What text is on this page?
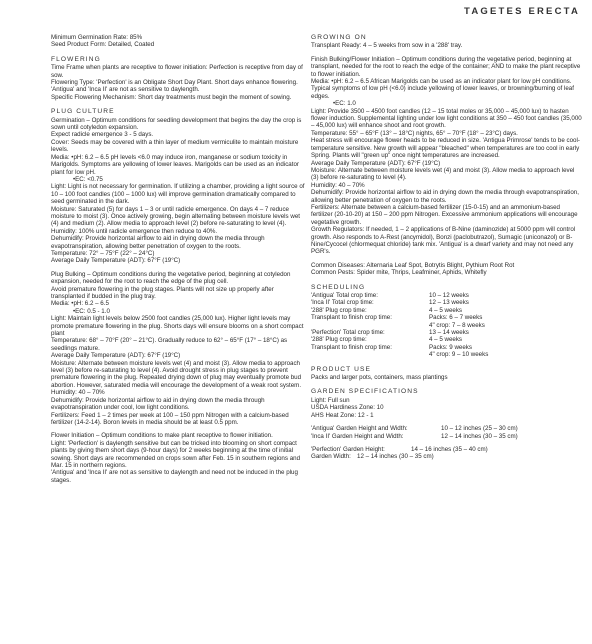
TAGETES ERECTA

Minimum Germination Rate: 85%

Seed Product Form: Detailed, Coated

FLOWERING

Time Frame when plants are receptive to flower initiation: Perfection is receptive from day of sow.

Flowering Type: 'Perfection' is an Obligate Short Day Plant. Short days enhance flowering. 'Antigua' and 'Inca II' are not as sensitive to daylength.

Specific Flowering Mechanism: Short day treatments must begin the moment of sowing.

PLUG CULTURE

Germination – Optimum conditions for seedling development that begins the day the crop is sown until cotyledon expansion.

Expect radicle emergence 3 - 5 days.

Cover: Seeds may be covered with a thin layer of medium vermiculite to maintain moisture levels.

Media: •pH: 6.2 – 6.5 pH levels <6.0 may induce iron, manganese or sodium toxicity in Marigolds. Symptoms are yellowing of lower leaves. Marigolds can be used as an indicator plant for low pH.

•EC: <0.75

Light: Light is not necessary for germination. If utilizing a chamber, providing a light source of 10 – 100 foot candles (100 – 1000 lux) will improve germination dramatically compared to seed germinated in the dark.

Moisture: Saturated (5) for days 1 – 3 or until radicle emergence. On days 4 – 7 reduce moisture to moist (3). Once actively growing, begin alternating between moisture levels wet (4) and medium (2). Allow media to approach level (2) before re-saturating to level (4).

Humidity: 100% until radicle emergence then reduce to 40%.

Dehumidify: Provide horizontal airflow to aid in drying down the media through evapotranspiration, allowing better penetration of oxygen to the roots.

Temperature: 72° – 75°F (22° – 24°C)

Average Daily Temperature (ADT): 67°F (19°C)

Plug Bulking – Optimum conditions during the vegetative period, beginning at cotyledon expansion, needed for the root to reach the edge of the plug cell.

Avoid premature flowering in the plug stages. Plants will not size up properly after transplanted if budded in the plug tray.

Media: •pH: 6.2 – 6.5

•EC: 0.5 - 1.0

Light: Maintain light levels below 2500 foot candles (25,000 lux). Higher light levels may promote premature flowering in the plug. Shorts days will ensure blooms on a short compact plant

Temperature: 68° – 70°F (20° – 21°C). Gradually reduce to 62° – 65°F (17° – 18°C) as seedlings mature.

Average Daily Temperature (ADT): 67°F (19°C)

Moisture: Alternate between moisture levels wet (4) and moist (3). Allow media to approach level (3) before re-saturating to level (4). Avoid drought stress in plug stages to prevent premature flowering in the plug. Repeated drying down of plug may eventually promote bud abortion. However, saturated media will encourage the development of a weak root system.

Humidity: 40 – 70%

Dehumidify: Provide horizontal airflow to aid in drying down the media through evapotranspiration under cool, low light conditions.

Fertilizers: Feed 1 – 2 times per week at 100 – 150 ppm Nitrogen with a calcium-based fertilizer (14-2-14). Boron levels in media should be at least 0.5 ppm.

Flower Initiation – Optimum conditions to make plant receptive to flower initiation.

Light: 'Perfection' is daylength sensitive but can be tricked into blooming on short compact plants by giving them short days (9-hour days) for 2 weeks beginning at the time of initial sowing. Short days are recommended on crops sown after Feb. 15 in southern regions and Mar. 15 in northern regions.

'Antigua' and 'Inca II' are not as sensitive to daylength and need not be induced in the plug stages.

GROWING ON

Transplant Ready: 4 – 5 weeks from sow in a '288' tray.

Finish Bulking/Flower Initiation – Optimum conditions during the vegetative period, beginning at transplant, needed for the root to reach the edge of the container; AND to make the plant receptive to flower initiation.

Media: •pH: 6.2 – 6.5 African Marigolds can be used as an indicator plant for low pH conditions. Typical symptoms of low pH (<6.0) include yellowing of lower leaves, or browning/burning of leaf edges.

•EC: 1.0

Light: Provide 3500 – 4500 foot candles (12 – 15 total moles or 35,000 – 45,000 lux) to hasten flower induction. Supplemental lighting under low light conditions at 350 – 450 foot candles (35,000 – 45,000 lux) will enhance shoot and root growth.

Temperature: 55° – 65°F (13° – 18°C) nights, 65° – 70°F (18° – 23°C) days.

Heat stress will encourage flower heads to be reduced in size. 'Antigua Primrose' tends to be cool-temperature sensitive. New growth will appear "bleached" when temperatures are too cool in early Spring. Plants will "green up" once night temperatures are increased.

Average Daily Temperature (ADT): 67°F (19°C)

Moisture: Alternate between moisture levels wet (4) and moist (3). Allow media to approach level (3) before re-saturating to level (4).

Humidity: 40 – 70%

Dehumidify: Provide horizontal airflow to aid in drying down the media through evapotranspiration, allowing better penetration of oxygen to the roots.

Fertilizers: Alternate between a calcium-based fertilizer (15-0-15) and an ammonium-based fertilizer (20-10-20) at 150 – 200 ppm Nitrogen. Excessive ammonium applications will encourage vegetative growth.

Growth Regulators: If needed, 1 – 2 applications of B-Nine (daminozide) at 5000 ppm will control growth. Also responds to A-Rest (ancymidol), Bonzi (paclobutrazol), Sumagic (uniconazol) or B-Nine/Cycocel (chlormequat chloride) tank mix. 'Antigua' is a dwarf variety and may not need any PGR's.

Common Diseases: Alternaria Leaf Spot, Botrytis Blight, Pythium Root Rot

Common Pests: Spider mite, Thrips, Leafminer, Aphids, Whitefly

SCHEDULING
'Antigua' Total crop time:	10 – 12 weeks
'Inca II' Total crop time:	12 – 13 weeks
'288' Plug crop time:	4 – 5 weeks
Transplant to finish crop time:	Packs: 6 – 7 weeks
4" crop: 7 – 8 weeks
'Perfection' Total crop time:	13 – 14 weeks
'288' Plug crop time:	4 – 5 weeks
Transplant to finish crop time:	Packs: 9 weeks
4" crop: 9 – 10 weeks
PRODUCT USE

Packs and larger pots, containers, mass plantings

GARDEN SPECIFICATIONS

Light: Full sun

USDA Hardiness Zone: 10

AHS Heat Zone: 12 - 1

'Antigua' Garden Height and Width:	10 – 12 inches (25 – 30 cm)
'Inca II' Garden Height and Width:	12 – 14 inches (30 – 35 cm)
'Perfection' Garden Height:	14 – 16 inches (35 – 40 cm)
Garden Width: 12 – 14 inches (30 – 35 cm)
